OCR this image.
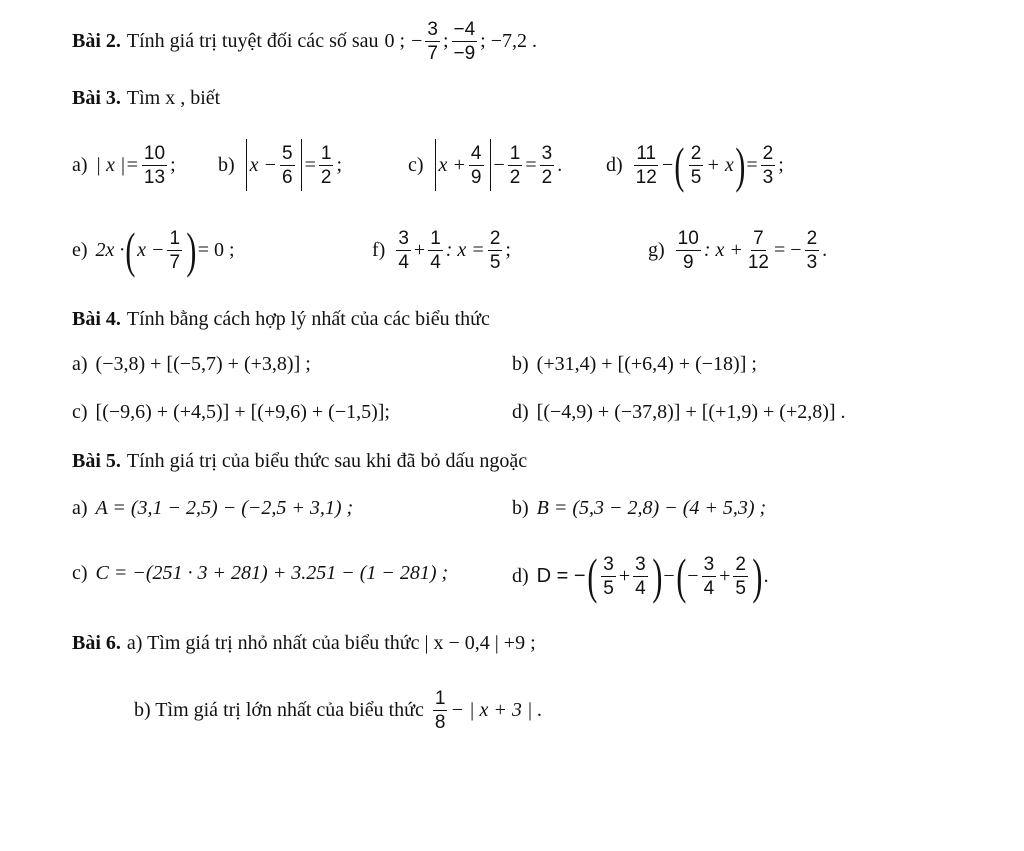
Bài 2. Tính giá trị tuyệt đối các số sau 0 ; − $\frac{3}{7}$ ; $\frac{-4}{-9}$ ; −7,2 .
Bài 3. Tìm x , biết
a) | x |= $\frac{10}{13}$ ; b) $x - \frac{5}{6} = \frac{1}{2}$ ;	c) $x + \frac{4}{9} - \frac{1}{2} = \frac{3}{2}$ . $d) \frac{11}{12}$ − ( $\frac{2}{5} + x$ ) = $\frac{2}{3}$ ;
e) 2x · ( $x - \frac{1}{7}$ ) = 0 ;	$f) \frac{3}{4} + \frac{1}{4}$ : $x = \frac{2}{5}$ ;	$g) \frac{10}{9}$ : $x + \frac{7}{12}$ = − $\frac{2}{3}$ .
Bài 4. Tính bằng cách hợp lý nhất của các biểu thức
a) (−3,8) + [(−5,7) + (+3,8)] ;	b) (+31,4) + [(+6,4) + (−18)] ;
c) [(−9,6) + (+4,5)] + [(+9,6) + (−1,5)];	d) [(−4,9) + (−37,8)] + [(+1,9) + (+2,8)] .
Bài 5. Tính giá trị của biểu thức sau khi đã bỏ dấu ngoặc
a) A = (3,1 − 2,5) − (−2,5 + 3,1) ;	b) B = (5,3 − 2,8) − (4 + 5,3) ;
c) C = −(251 · 3 + 281) + 3.251 − (1 − 281) ;	d) D = − ( $\frac{3}{5} + \frac{3}{4}$ ) − ( − $\frac{3}{4} + \frac{2}{5}$ ) .
Bài 6. a) Tìm giá trị nhỏ nhất của biểu thức | x − 0,4 | +9 ;
b) Tìm giá trị lớn nhất của biểu thức $\frac{1}{8}$ − | x + 3 | .
